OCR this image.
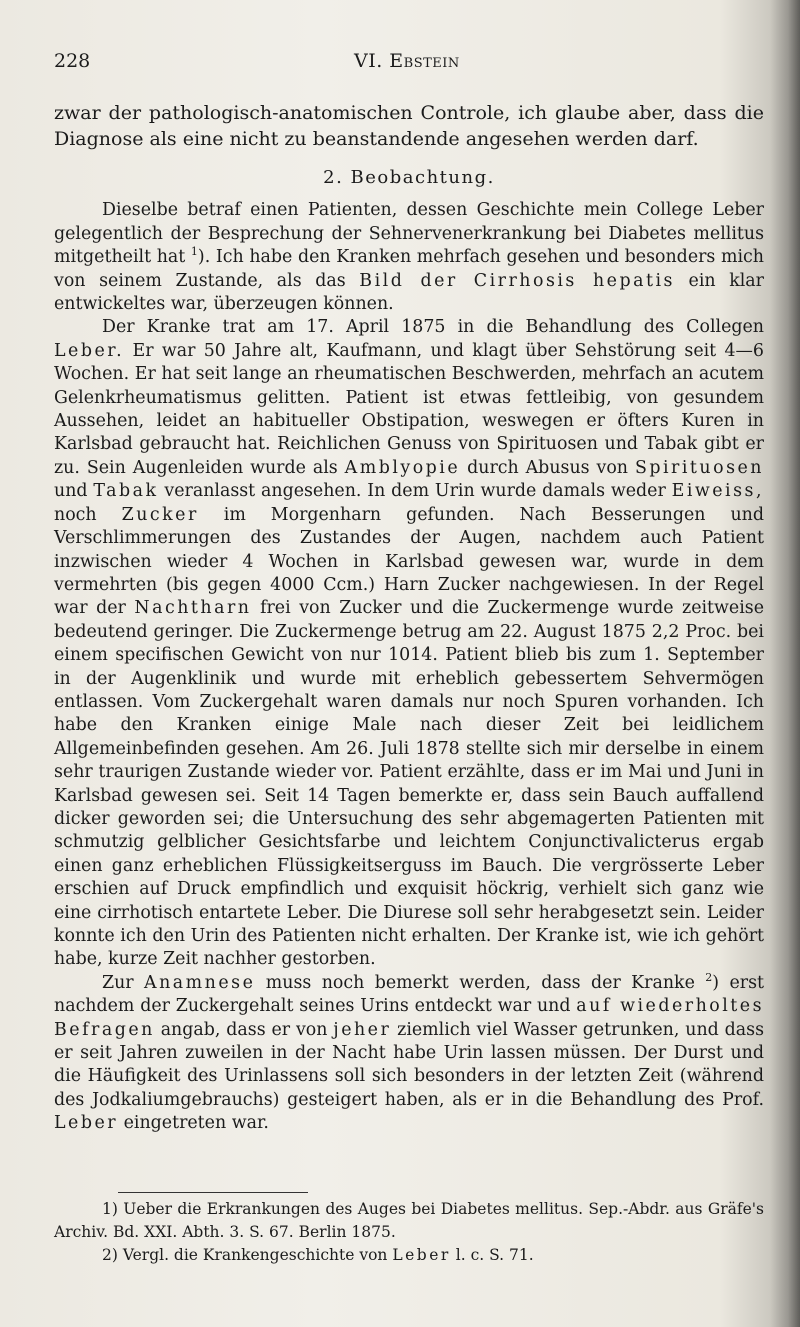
228	VI. Ebstein

zwar der pathologisch-anatomischen Controle, ich glaube aber, dass die Diagnose als eine nicht zu beanstandende angesehen werden darf.

2. Beobachtung.

Dieselbe betraf einen Patienten, dessen Geschichte mein College Leber gelegentlich der Besprechung der Sehnervenerkrankung bei Diabetes mellitus mitgetheilt hat $^1$). Ich habe den Kranken mehrfach gesehen und besonders mich von seinem Zustande, als das Bild der Cirrhosis hepatis ein klar entwickeltes war, überzeugen können.

Der Kranke trat am 17. April 1875 in die Behandlung des Collegen Leber. Er war 50 Jahre alt, Kaufmann, und klagt über Sehstörung seit 4—6 Wochen. Er hat seit lange an rheumatischen Beschwerden, mehrfach an acutem Gelenkrheumatismus gelitten. Patient ist etwas fettleibig, von gesundem Aussehen, leidet an habitueller Obstipation, weswegen er öfters Kuren in Karlsbad gebraucht hat. Reichlichen Genuss von Spirituosen und Tabak gibt er zu. Sein Augenleiden wurde als Amblyopie durch Abusus von Spirituosen und Tabak veranlasst angesehen. In dem Urin wurde damals weder Eiweiss, noch Zucker im Morgenharn gefunden. Nach Besserungen und Verschlimmerungen des Zustandes der Augen, nachdem auch Patient inzwischen wieder 4 Wochen in Karlsbad gewesen war, wurde in dem vermehrten (bis gegen 4000 Ccm.) Harn Zucker nachgewiesen. In der Regel war der Nachtharn frei von Zucker und die Zuckermenge wurde zeitweise bedeutend geringer. Die Zuckermenge betrug am 22. August 1875 2,2 Proc. bei einem specifischen Gewicht von nur 1014. Patient blieb bis zum 1. September in der Augenklinik und wurde mit erheblich gebessertem Sehvermögen entlassen. Vom Zuckergehalt waren damals nur noch Spuren vorhanden. Ich habe den Kranken einige Male nach dieser Zeit bei leidlichem Allgemeinbefinden gesehen. Am 26. Juli 1878 stellte sich mir derselbe in einem sehr traurigen Zustande wieder vor. Patient erzählte, dass er im Mai und Juni in Karlsbad gewesen sei. Seit 14 Tagen bemerkte er, dass sein Bauch auffallend dicker geworden sei; die Untersuchung des sehr abgemagerten Patienten mit schmutzig gelblicher Gesichtsfarbe und leichtem Conjunctivalicterus ergab einen ganz erheblichen Flüssigkeitserguss im Bauch. Die vergrösserte Leber erschien auf Druck empfindlich und exquisit höckrig, verhielt sich ganz wie eine cirrhotisch entartete Leber. Die Diurese soll sehr herabgesetzt sein. Leider konnte ich den Urin des Patienten nicht erhalten. Der Kranke ist, wie ich gehört habe, kurze Zeit nachher gestorben.

Zur Anamnese muss noch bemerkt werden, dass der Kranke $^2$) erst nachdem der Zuckergehalt seines Urins entdeckt war und auf wiederholtes Befragen angab, dass er von jeher ziemlich viel Wasser getrunken, und dass er seit Jahren zuweilen in der Nacht habe Urin lassen müssen. Der Durst und die Häufigkeit des Urinlassens soll sich besonders in der letzten Zeit (während des Jodkaliumgebrauchs) gesteigert haben, als er in die Behandlung des Prof. Leber eingetreten war.

1) Ueber die Erkrankungen des Auges bei Diabetes mellitus. Sep.-Abdr. aus Gräfe's Archiv. Bd. XXI. Abth. 3. S. 67. Berlin 1875.

2) Vergl. die Krankengeschichte von Leber l. c. S. 71.
